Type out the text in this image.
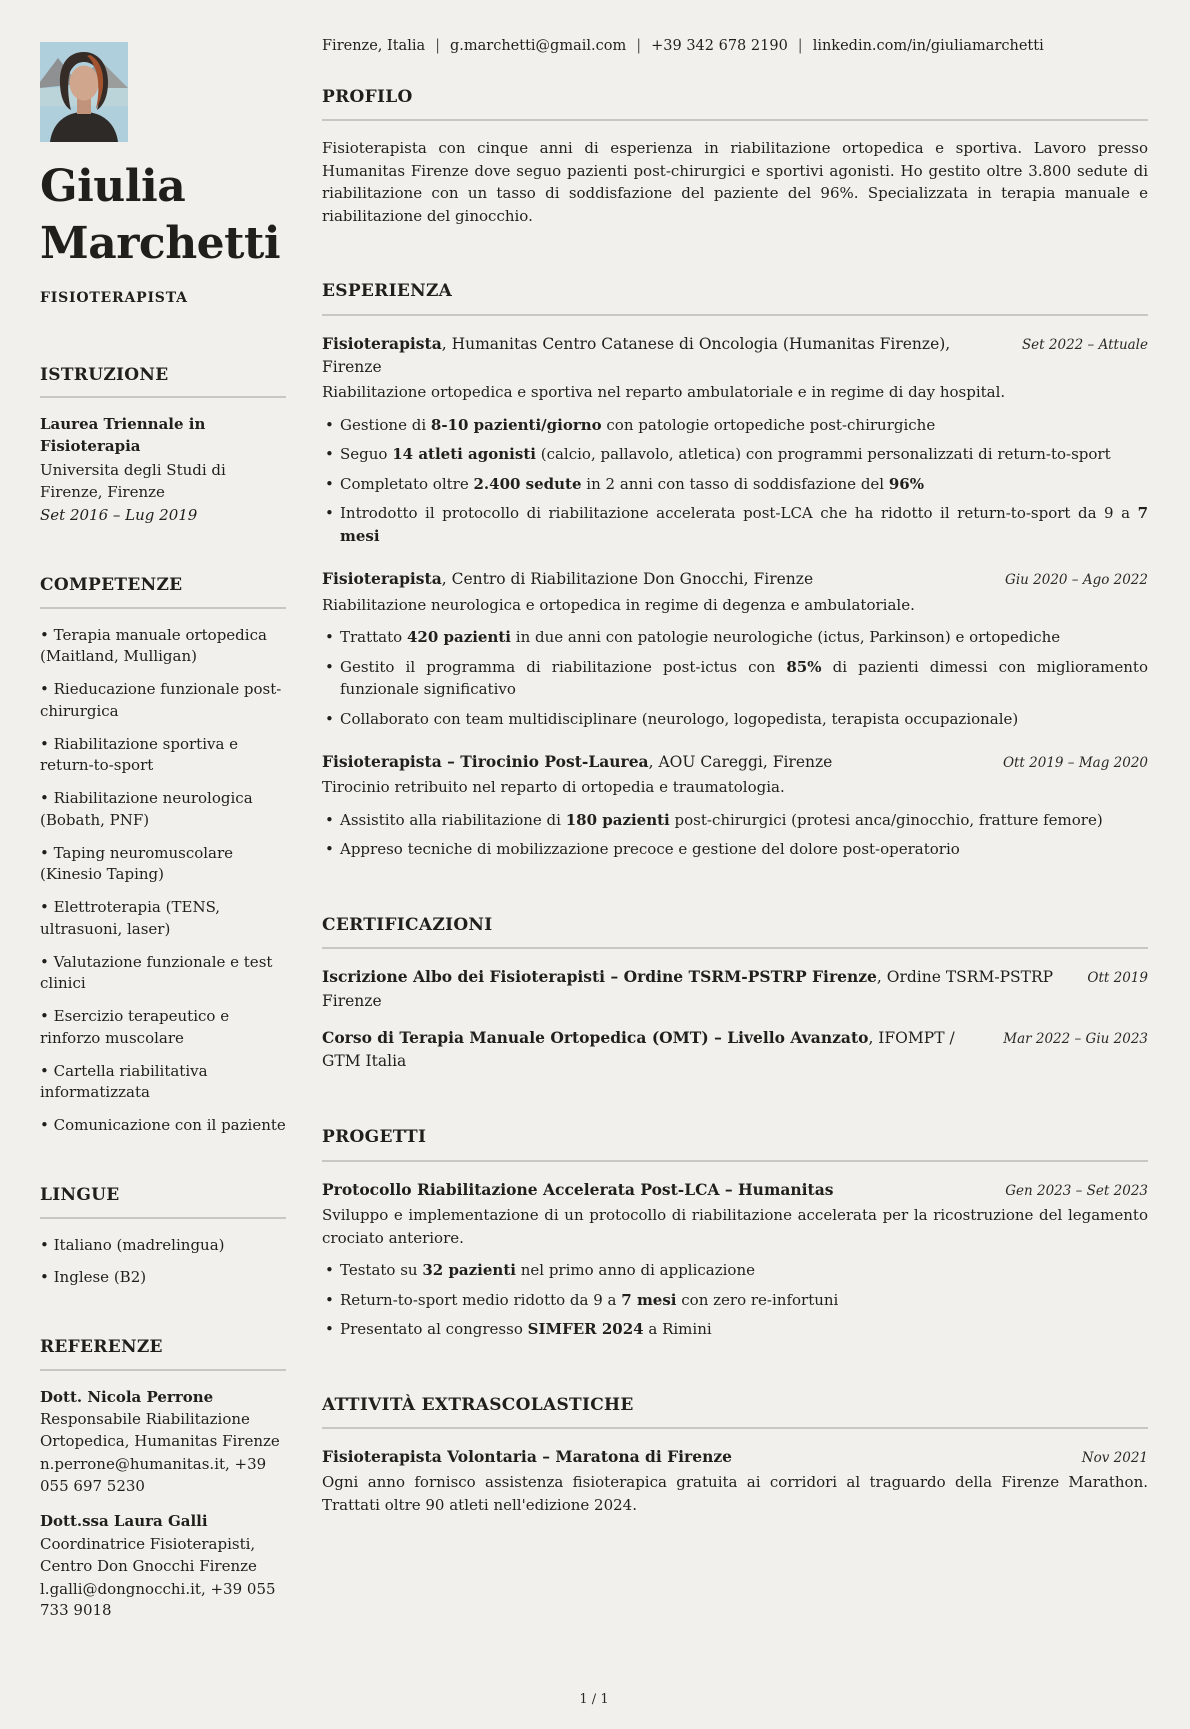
Giulia Marchetti
FISIOTERAPISTA
ISTRUZIONE
Laurea Triennale in Fisioterapia
Universita degli Studi di Firenze, Firenze
Set 2016 – Lug 2019
COMPETENZE
• Terapia manuale ortopedica (Maitland, Mulligan)
• Rieducazione funzionale post-chirurgica
• Riabilitazione sportiva e return-to-sport
• Riabilitazione neurologica (Bobath, PNF)
• Taping neuromuscolare (Kinesio Taping)
• Elettroterapia (TENS, ultrasuoni, laser)
• Valutazione funzionale e test clinici
• Esercizio terapeutico e rinforzo muscolare
• Cartella riabilitativa informatizzata
• Comunicazione con il paziente
LINGUE
• Italiano (madrelingua)
• Inglese (B2)
REFERENZE
Dott. Nicola Perrone
Responsabile Riabilitazione Ortopedica, Humanitas Firenze
n.perrone@humanitas.it, +39 055 697 5230
Dott.ssa Laura Galli
Coordinatrice Fisioterapisti, Centro Don Gnocchi Firenze
l.galli@dongnocchi.it, +39 055 733 9018
Firenze, Italia | g.marchetti@gmail.com | +39 342 678 2190 | linkedin.com/in/giuliamarchetti
PROFILO

Fisioterapista con cinque anni di esperienza in riabilitazione ortopedica e sportiva. Lavoro presso Humanitas Firenze dove seguo pazienti post-chirurgici e sportivi agonisti. Ho gestito oltre 3.800 sedute di riabilitazione con un tasso di soddisfazione del paziente del 96%. Specializzata in terapia manuale e riabilitazione del ginocchio.

ESPERIENZA
Fisioterapista, Humanitas Centro Catanese di Oncologia (Humanitas Firenze), Firenze
Set 2022 – Attuale

Riabilitazione ortopedica e sportiva nel reparto ambulatoriale e in regime di day hospital.

• Gestione di 8-10 pazienti/giorno con patologie ortopediche post-chirurgiche
• Seguo 14 atleti agonisti (calcio, pallavolo, atletica) con programmi personalizzati di return-to-sport
• Completato oltre 2.400 sedute in 2 anni con tasso di soddisfazione del 96%
• Introdotto il protocollo di riabilitazione accelerata post-LCA che ha ridotto il return-to-sport da 9 a 7 mesi
Fisioterapista, Centro di Riabilitazione Don Gnocchi, Firenze	Giu 2020 – Ago 2022

Riabilitazione neurologica e ortopedica in regime di degenza e ambulatoriale.

• Trattato 420 pazienti in due anni con patologie neurologiche (ictus, Parkinson) e ortopediche
• Gestito il programma di riabilitazione post-ictus con 85% di pazienti dimessi con miglioramento funzionale significativo
• Collaborato con team multidisciplinare (neurologo, logopedista, terapista occupazionale)
Fisioterapista – Tirocinio Post-Laurea, AOU Careggi, Firenze	Ott 2019 – Mag 2020

Tirocinio retribuito nel reparto di ortopedia e traumatologia.

• Assistito alla riabilitazione di 180 pazienti post-chirurgici (protesi anca/ginocchio, fratture femore)
• Appreso tecniche di mobilizzazione precoce e gestione del dolore post-operatorio
CERTIFICAZIONI
Iscrizione Albo dei Fisioterapisti – Ordine TSRM-PSTRP Firenze, Ordine TSRM-PSTRP Firenze
Ott 2019
Corso di Terapia Manuale Ortopedica (OMT) – Livello Avanzato, IFOMPT / GTM Italia
Mar 2022 – Giu 2023
PROGETTI
Protocollo Riabilitazione Accelerata Post-LCA – Humanitas	Gen 2023 – Set 2023

Sviluppo e implementazione di un protocollo di riabilitazione accelerata per la ricostruzione del legamento crociato anteriore.

• Testato su 32 pazienti nel primo anno di applicazione
• Return-to-sport medio ridotto da 9 a 7 mesi con zero re-infortuni
• Presentato al congresso SIMFER 2024 a Rimini
ATTIVITÀ EXTRASCOLASTICHE
Fisioterapista Volontaria – Maratona di Firenze	Nov 2021

Ogni anno fornisco assistenza fisioterapica gratuita ai corridori al traguardo della Firenze Marathon. Trattati oltre 90 atleti nell'edizione 2024.

1 / 1
